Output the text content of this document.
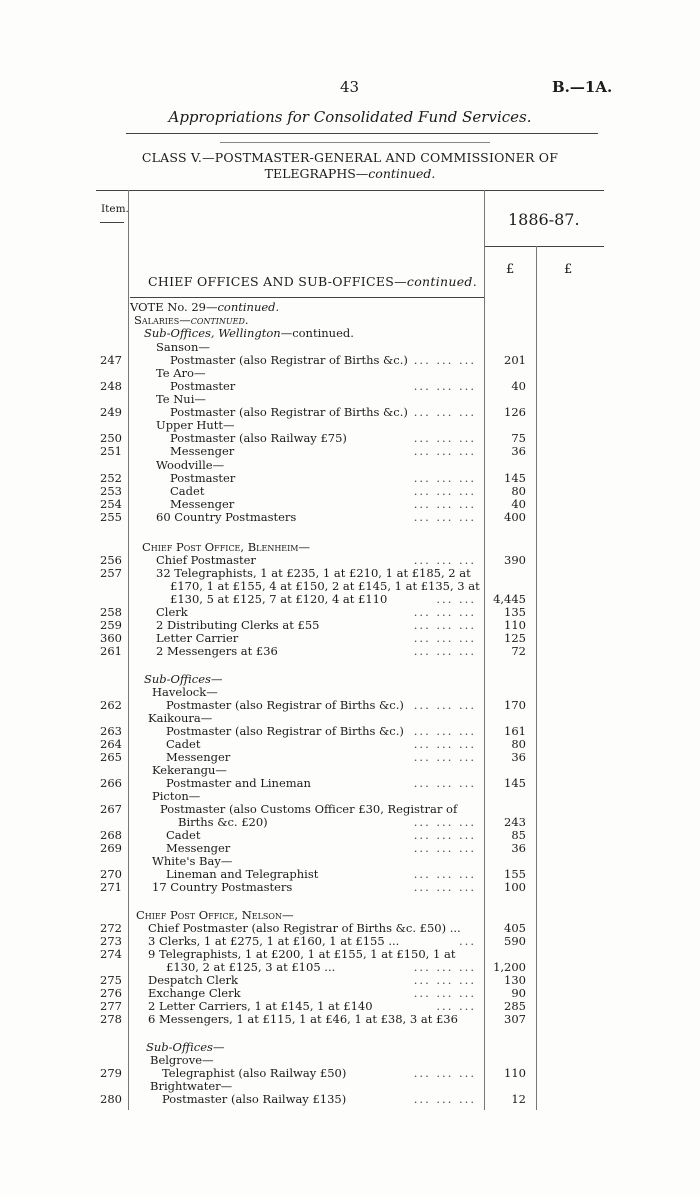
43	B.—1A.
Appropriations for Consolidated Fund Services.
CLASS V.—POSTMASTER-GENERAL AND COMMISSIONER OF
TELEGRAPHS—continued.
Item.
1886-87.
£	£
CHIEF OFFICES AND SUB-OFFICES—continued.
VOTE No. 29—continued.
Salaries—continued.
Sub-Offices, Wellington—continued.
Sanson—
247	Postmaster (also Registrar of Births &c.) ... ... ...	201
Te Aro—
248	Postmaster	... ... ...	40
Te Nui—
249	Postmaster (also Registrar of Births &c.) ... ... ...	126
Upper Hutt—
250	Postmaster (also Railway £75)	... ... ...	75
251	Messenger	... ... ...	36
Woodville—
252	Postmaster	... ... ...	145
253	Cadet	... ... ...	80
254	Messenger	... ... ...	40
255	60 Country Postmasters	... ... ...	400
Chief Post Office, Blenheim—
256	Chief Postmaster	... ... ...	390
257	32 Telegraphists, 1 at £235, 1 at £210, 1 at £185, 2 at
£170, 1 at £155, 4 at £150, 2 at £145, 1 at £135, 3 at
£130, 5 at £125, 7 at £120, 4 at £110	... ...	4,445
258	Clerk	... ... ...	135
259	2 Distributing Clerks at £55	... ... ...	110
360	Letter Carrier	... ... ...	125
261	2 Messengers at £36	... ... ...	72
Sub-Offices—
Havelock—
262	Postmaster (also Registrar of Births &c.) ... ... ...	170
Kaikoura—
263	Postmaster (also Registrar of Births &c.) ... ... ...	161
264	Cadet	... ... ...	80
265	Messenger	... ... ...	36
Kekerangu—
266	Postmaster and Lineman	... ... ...	145
Picton—
267	Postmaster (also Customs Officer £30, Registrar of
Births &c. £20)	... ... ...	243
268	Cadet	... ... ...	85
269	Messenger	... ... ...	36
White's Bay—
270	Lineman and Telegraphist	... ... ...	155
271	17 Country Postmasters	... ... ...	100
Chief Post Office, Nelson—
272 Chief Postmaster (also Registrar of Births &c. £50) ...	405
273 3 Clerks, 1 at £275, 1 at £160, 1 at £155 ...	...	590
274 9 Telegraphists, 1 at £200, 1 at £155, 1 at £150, 1 at
£130, 2 at £125, 3 at £105 ...	... ... ...	1,200
275 Despatch Clerk	... ... ...	130
276 Exchange Clerk	... ... ...	90
277 2 Letter Carriers, 1 at £145, 1 at £140	... ...	285
278 6 Messengers, 1 at £115, 1 at £46, 1 at £38, 3 at £36	307
Sub-Offices—
Belgrove—
279	Telegraphist (also Railway £50)	... ... ...	110
Brightwater—
280	Postmaster (also Railway £135)	... ... ...	12
